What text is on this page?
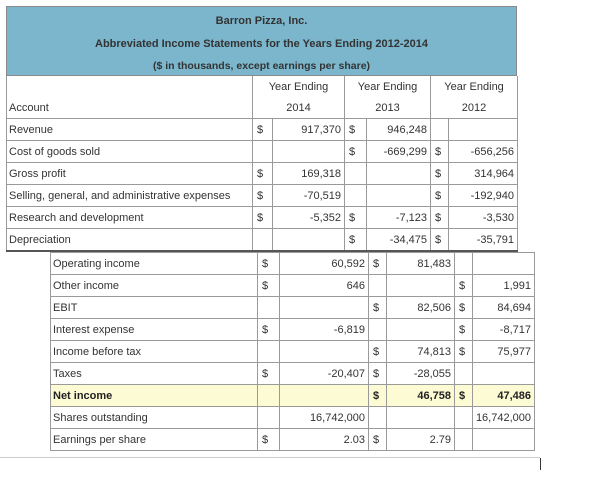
Barron Pizza, Inc.
Abbreviated Income Statements for the Years Ending 2012-2014
($ in thousands, except earnings per share)
	Year Ending		Year Ending		Year Ending	
Account	2014		2013		2012	
Revenue	$	917,370	$	946,248		
Cost of goods sold			$	-669,299	$	-656,256
Gross profit	$	169,318			$	314,964
Selling, general, and administrative expenses	$	-70,519			$	-192,940
Research and development	$	-5,352	$	-7,123	$	-3,530
Depreciation			$	-34,475	$	-35,791
Operating income	$	60,592	$	81,483		
Other income	$	646			$	1,991
EBIT			$	82,506	$	84,694
Interest expense	$	-6,819			$	-8,717
Income before tax			$	74,813	$	75,977
Taxes	$	-20,407	$	-28,055		
Net income			$	46,758	$	47,486
Shares outstanding		16,742,000				16,742,000
Earnings per share	$	2.03	$	2.79		
